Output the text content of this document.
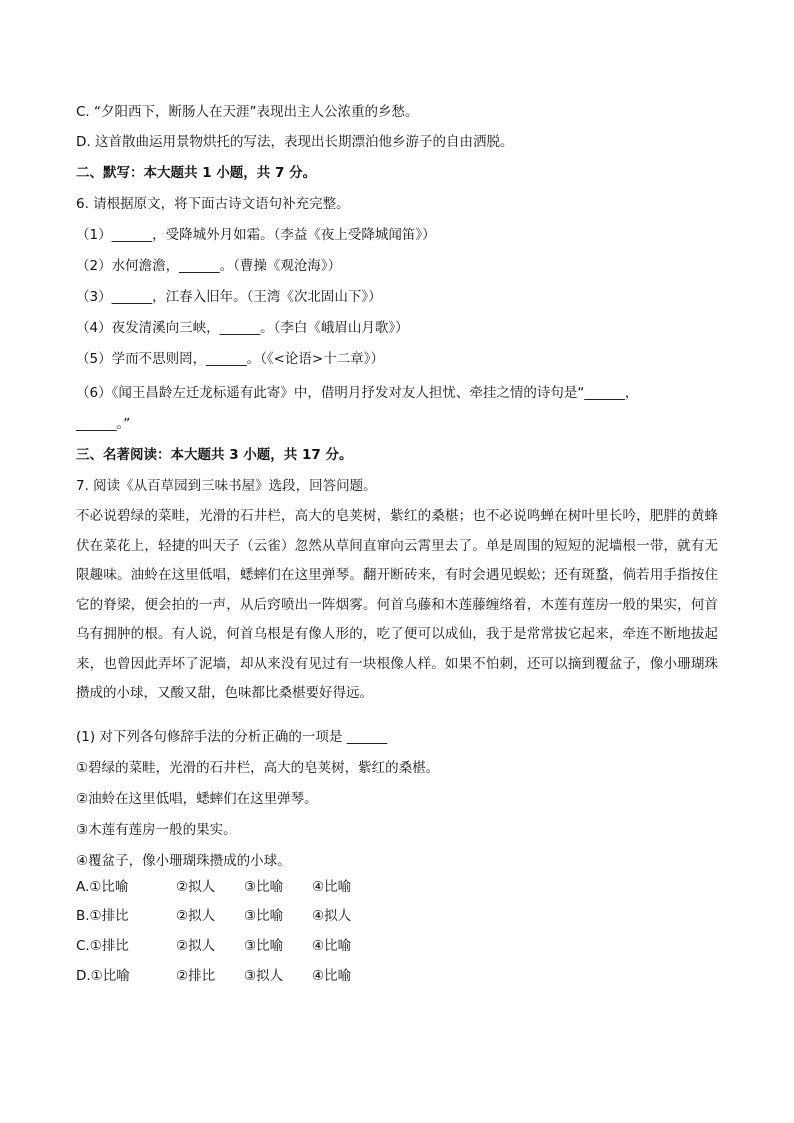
C. “夕阳西下，断肠人在天涯”表现出主人公浓重的乡愁。
D. 这首散曲运用景物烘托的写法，表现出长期漂泊他乡游子的自由洒脱。
二、默写：本大题共 1 小题，共 7 分。
6. 请根据原文，将下面古诗文语句补充完整。
（1）______，受降城外月如霜。（李益《夜上受降城闻笛》）
（2）水何澹澹，______。（曹操《观沧海》）
（3）______，江春入旧年。（王湾《次北固山下》）
（4）夜发清溪向三峡，______。（李白《峨眉山月歌》）
（5）学而不思则罔，______。（《<论语>十二章》）
（6）《闻王昌龄左迁龙标遥有此寄》中，借明月抒发对友人担忧、牵挂之情的诗句是“______，
______。”
三、名著阅读：本大题共 3 小题，共 17 分。
7. 阅读《从百草园到三味书屋》选段，回答问题。
不必说碧绿的菜畦，光滑的石井栏，高大的皂荚树，紫红的桑椹；也不必说鸣蝉在树叶里长吟，肥胖的黄蜂伏在菜花上，轻捷的叫天子（云雀）忽然从草间直窜向云霄里去了。单是周围的短短的泥墙根一带，就有无限趣味。油蛉在这里低唱，蟋蟀们在这里弹琴。翻开断砖来，有时会遇见蜈蚣；还有斑蝥，倘若用手指按住它的脊梁，便会拍的一声，从后窍喷出一阵烟雾。何首乌藤和木莲藤缠络着，木莲有莲房一般的果实，何首乌有拥肿的根。有人说，何首乌根是有像人形的，吃了便可以成仙，我于是常常拔它起来，牵连不断地拔起来，也曾因此弄坏了泥墙，却从来没有见过有一块根像人样。如果不怕刺，还可以摘到覆盆子，像小珊瑚珠攒成的小球，又酸又甜，色味都比桑椹要好得远。
(1) 对下列各句修辞手法的分析正确的一项是 ______
①碧绿的菜畦，光滑的石井栏，高大的皂荚树，紫红的桑椹。
②油蛉在这里低唱，蟋蟀们在这里弹琴。
③木莲有莲房一般的果实。
④覆盆子，像小珊瑚珠攒成的小球。
A.①比喻	②拟人 ③比喻 ④比喻
B.①排比	②拟人 ③比喻 ④拟人
C.①排比	②拟人 ③比喻 ④比喻
D.①比喻	②排比 ③拟人 ④比喻
